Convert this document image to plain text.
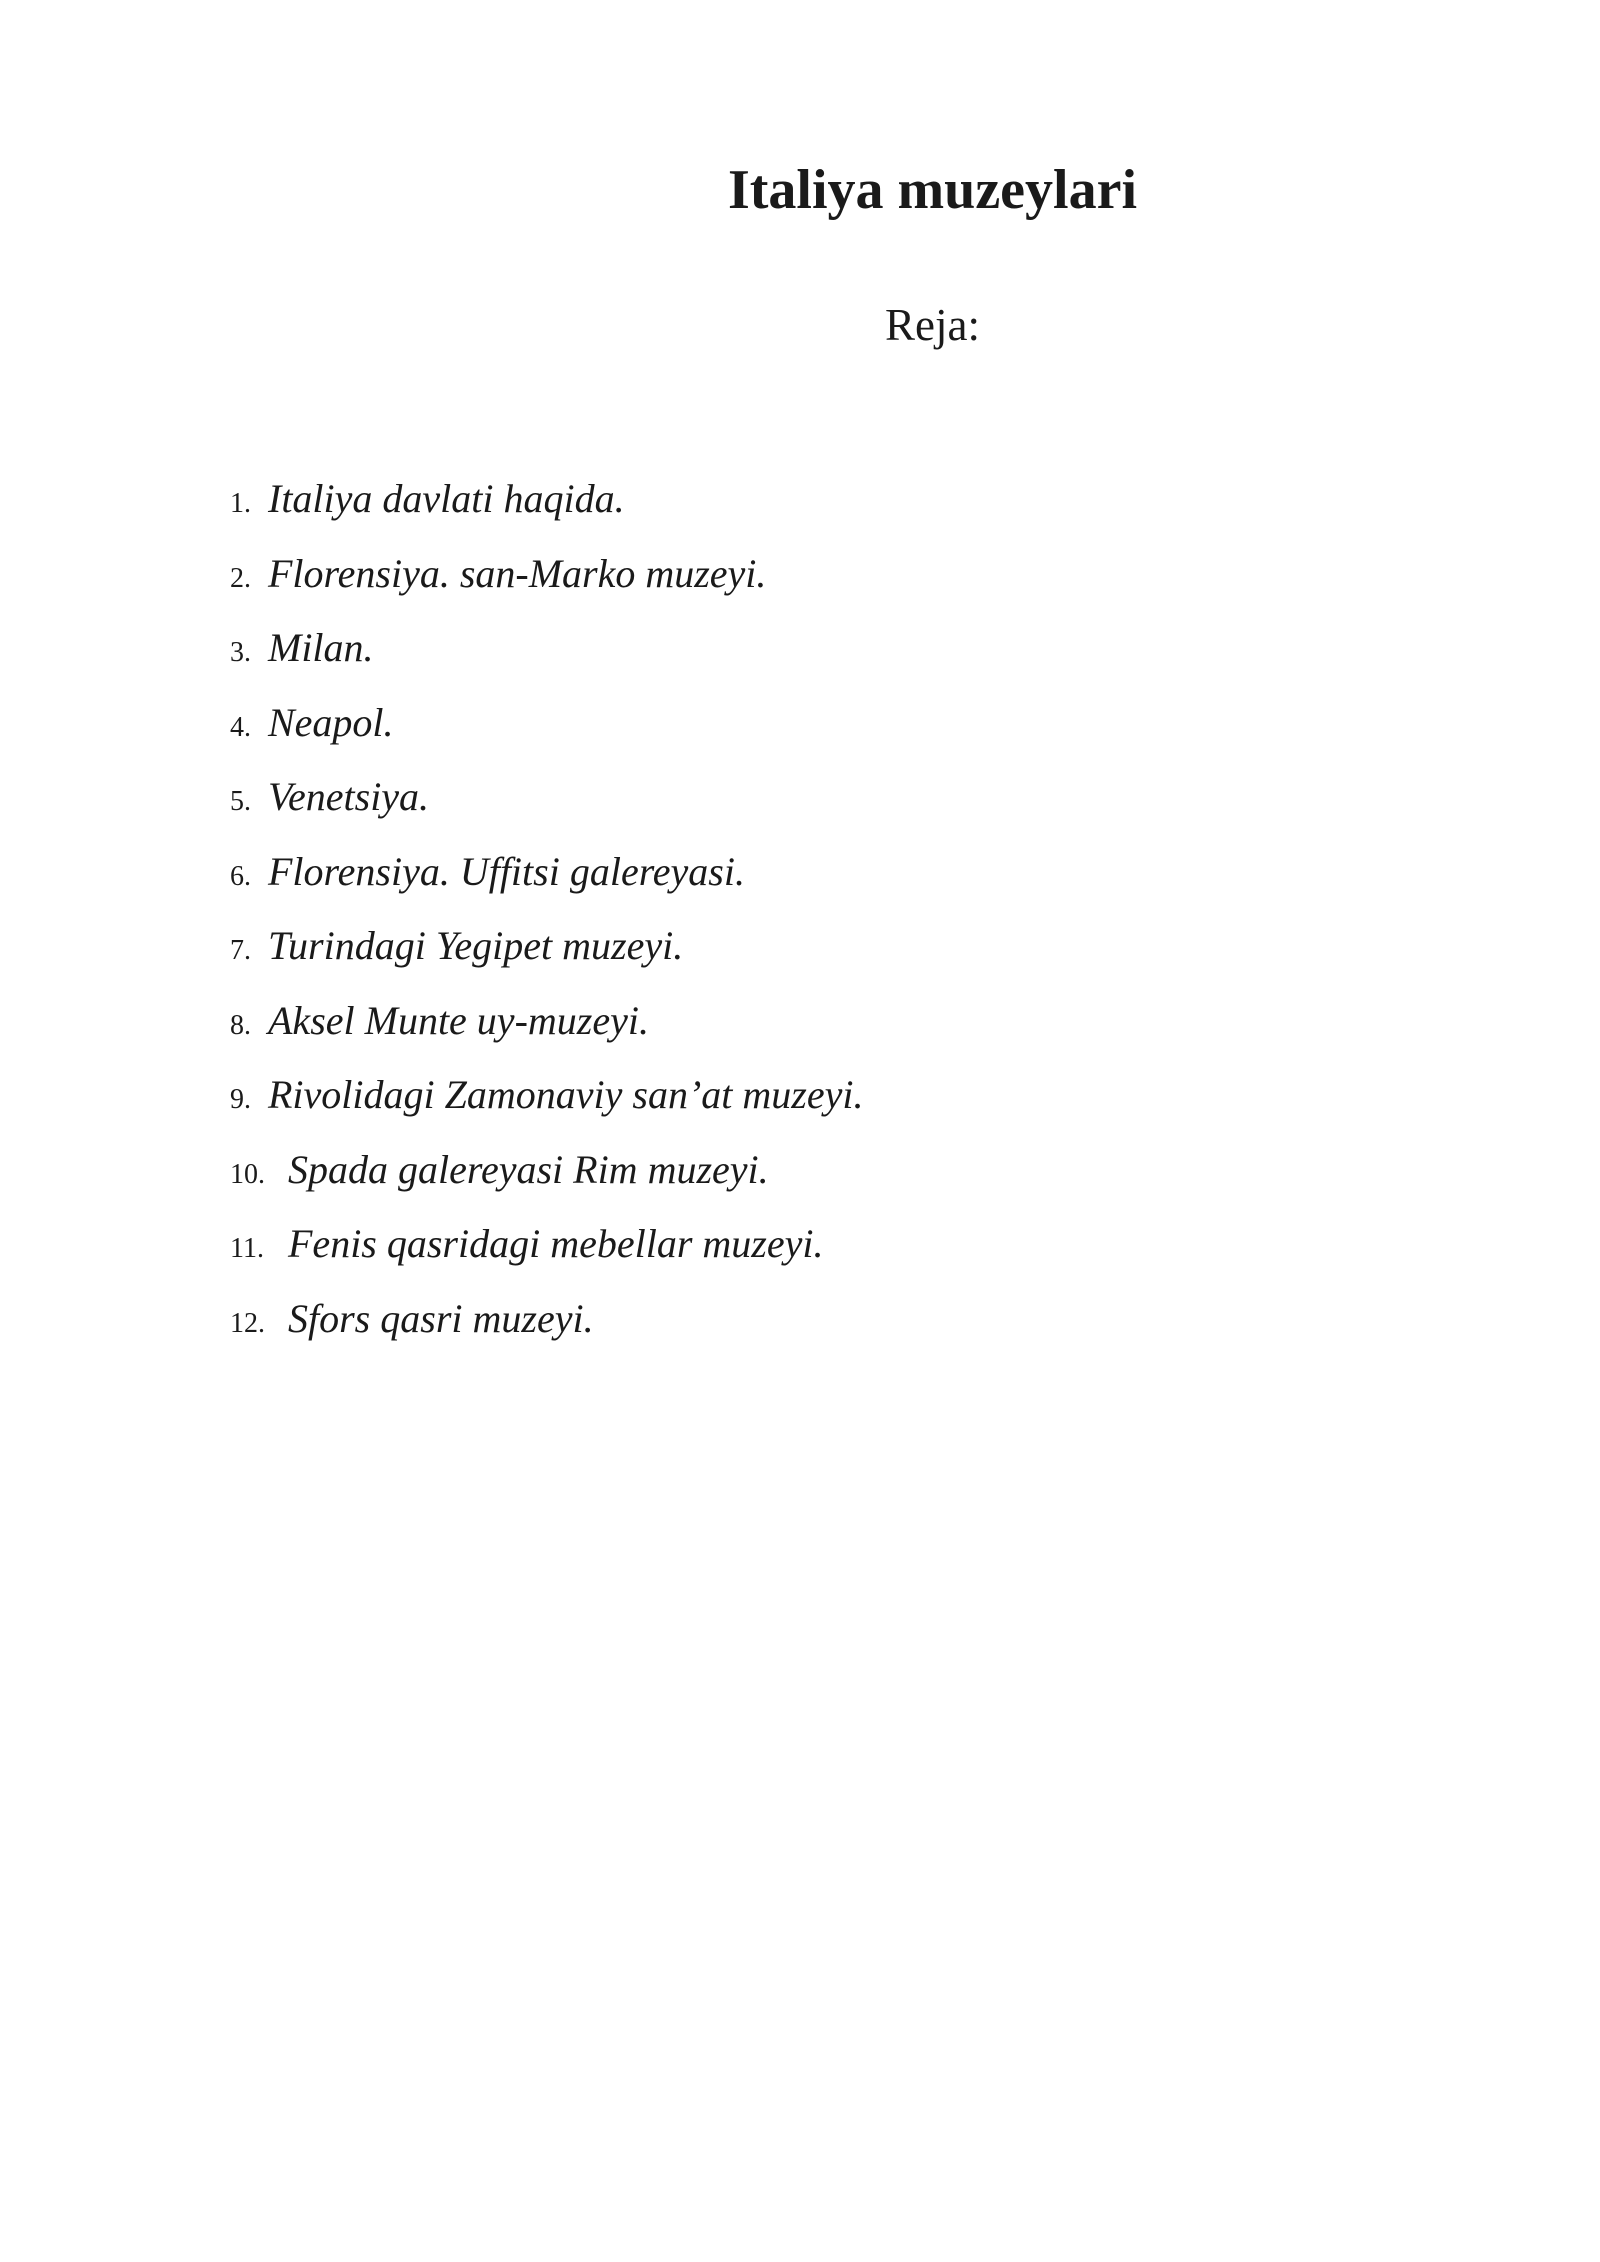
Italiya muzeylari
Reja:
1. Italiya davlati haqida.
2. Florensiya. san-Marko muzeyi.
3. Milan.
4. Neapol.
5. Venetsiya.
6. Florensiya. Uffitsi galereyasi.
7. Turindagi Yegipet muzeyi.
8. Aksel Munte uy-muzeyi.
9. Rivolidagi Zamonaviy san’at muzeyi.
10. Spada galereyasi Rim muzeyi.
11. Fenis qasridagi mebellar muzeyi.
12. Sfors qasri muzeyi.
